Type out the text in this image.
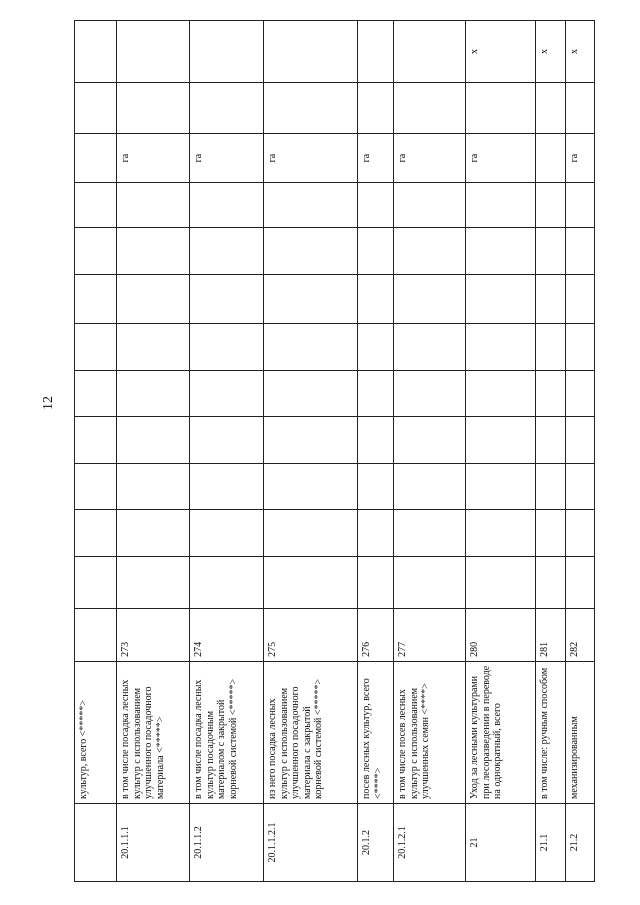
12
	культур, всего <*****>													
20.1.1.1	в том числе посадка лесных культур с использованием улучшенного посадочного материала <*****>	273										га		
20.1.1.2	в том числе посадка лесных культур посадочным материалом с закрытой корневой системой <*****>	274										га		
20.1.1.2.1	из него посадка лесных культур с использованием улучшенного посадочного материала с закрытой корневой системой <*****>	275										га		
20.1.2	посев лесных культур, всего <****>	276										га		
20.1.2.1	в том числе посев лесных культур с использованием улучшенных семян <****>	277										га		
21	Уход за лесными культурами при лесоразведении в переводе на однократный, всего	280										га		x
21.1	в том числе: ручным способом	281												x
21.2	механизированным	282										га		x
